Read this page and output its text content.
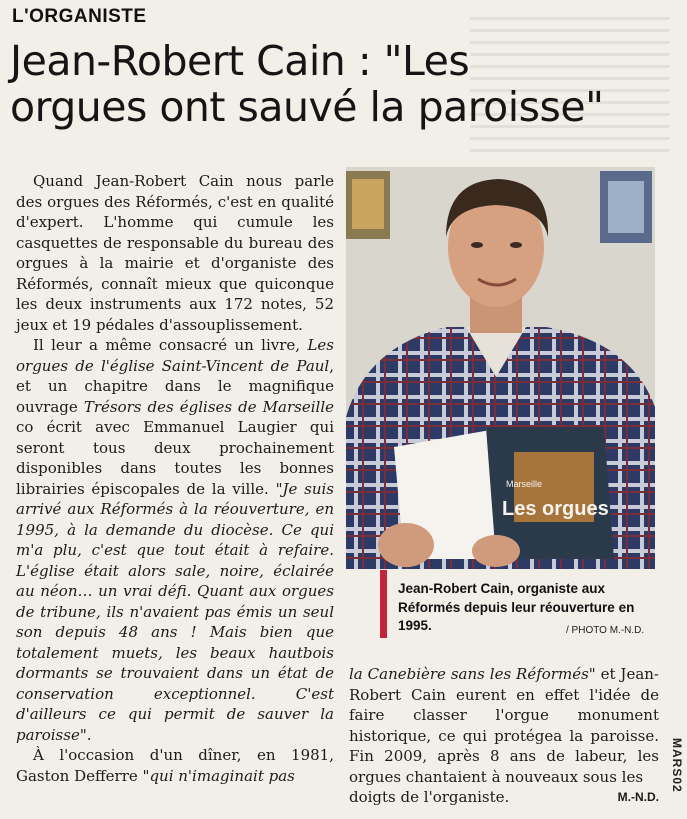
L'ORGANISTE
Jean-Robert Cain : "Les
orgues ont sauvé la paroisse"

Quand Jean-Robert Cain nous parle des orgues des Réformés, c'est en qualité d'expert. L'homme qui cumule les casquettes de responsable du bureau des orgues à la mairie et d'organiste des Réformés, connaît mieux que quiconque les deux instruments aux 172 notes, 52 jeux et 19 pédales d'assouplissement.

Il leur a même consacré un livre, Les orgues de l'église Saint-Vincent de Paul, et un chapitre dans le magnifique ouvrage Trésors des églises de Marseille co écrit avec Emmanuel Laugier qui seront tous deux prochainement disponibles dans toutes les bonnes librairies épiscopales de la ville. "Je suis arrivé aux Réformés à la réouverture, en 1995, à la demande du diocèse. Ce qui m'a plu, c'est que tout était à refaire. L'église était alors sale, noire, éclairée au néon… un vrai défi. Quant aux orgues de tribune, ils n'avaient pas émis un seul son depuis 48 ans ! Mais bien que totalement muets, les beaux hautbois dormants se trouvaient dans un état de conservation exceptionnel. C'est d'ailleurs ce qui permit de sauver la paroisse".

À l'occasion d'un dîner, en 1981, Gaston Defferre "qui n'imaginait pas

Marseille
Les orgues
Jean-Robert Cain, organiste aux Réformés depuis leur réouverture en 1995.	/ PHOTO M.-N.D.

la Canebière sans les Réformés" et Jean-Robert Cain eurent en effet l'idée de faire classer l'orgue monument historique, ce qui protégea la paroisse. Fin 2009, après 8 ans de labeur, les orgues chantaient à nouveaux sous les

doigts de l'organiste.	M.-N.D.
MARS02
